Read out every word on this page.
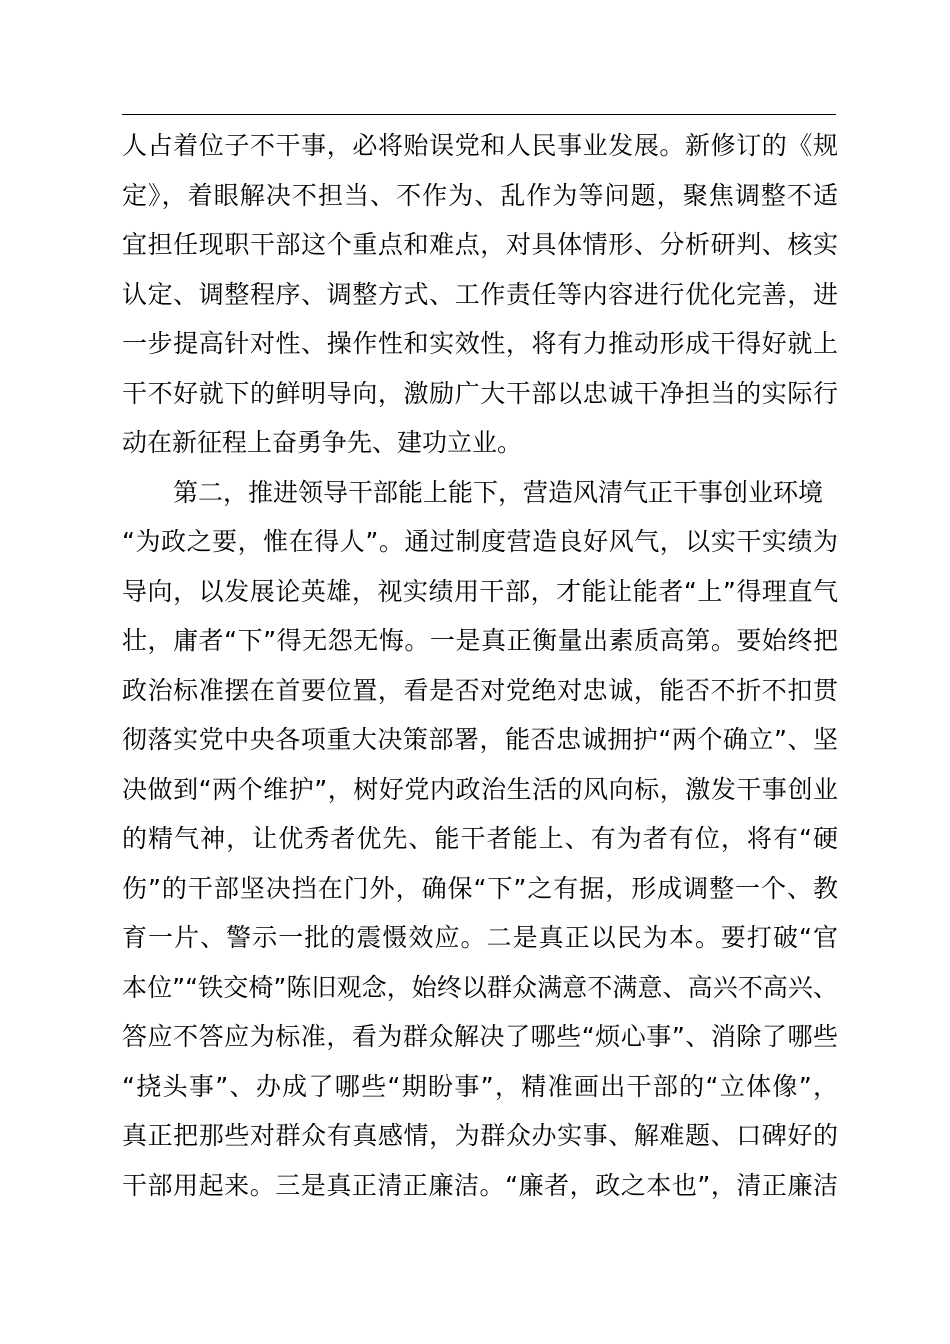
人占着位子不干事，必将贻误党和人民事业发展。新修订的《规
定》，着眼解决不担当、不作为、乱作为等问题，聚焦调整不适
宜担任现职干部这个重点和难点，对具体情形、分析研判、核实
认定、调整程序、调整方式、工作责任等内容进行优化完善，进
一步提高针对性、操作性和实效性，将有力推动形成干得好就上
干不好就下的鲜明导向，激励广大干部以忠诚干净担当的实际行
动在新征程上奋勇争先、建功立业。
第二，推进领导干部能上能下，营造风清气正干事创业环境
“为政之要，惟在得人”。通过制度营造良好风气，以实干实绩为
导向，以发展论英雄，视实绩用干部，才能让能者“上”得理直气
壮，庸者“下”得无怨无悔。一是真正衡量出素质高第。要始终把
政治标准摆在首要位置，看是否对党绝对忠诚，能否不折不扣贯
彻落实党中央各项重大决策部署，能否忠诚拥护“两个确立”、坚
决做到“两个维护”，树好党内政治生活的风向标，激发干事创业
的精气神，让优秀者优先、能干者能上、有为者有位，将有“硬
伤”的干部坚决挡在门外，确保“下”之有据，形成调整一个、教
育一片、警示一批的震慑效应。二是真正以民为本。要打破“官
本位”“铁交椅”陈旧观念，始终以群众满意不满意、高兴不高兴、
答应不答应为标准，看为群众解决了哪些“烦心事”、消除了哪些
“挠头事”、办成了哪些“期盼事”，精准画出干部的“立体像”，
真正把那些对群众有真感情，为群众办实事、解难题、口碑好的
干部用起来。三是真正清正廉洁。“廉者，政之本也”，清正廉洁
